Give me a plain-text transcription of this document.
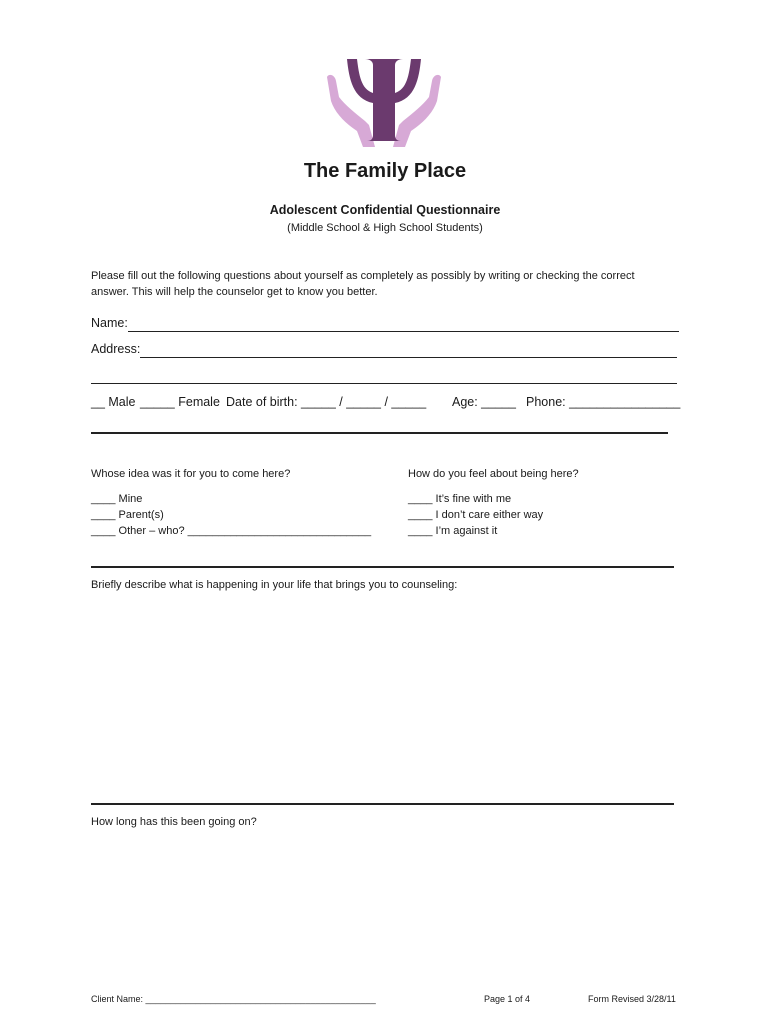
The Family Place
Adolescent Confidential Questionnaire
(Middle School & High School Students)
Please fill out the following questions about yourself as completely as possibly by writing or checking the correct
answer. This will help the counselor get to know you better.
Name:
Address:
__ Male _____ Female Date of birth: _____ / _____ / _____ Age: _____ Phone: ________________
Whose idea was it for you to come here?
____ Mine
____ Parent(s)
____ Other – who? ______________________________
How do you feel about being here?
____ It’s fine with me
____ I don’t care either way
____ I’m against it
Briefly describe what is happening in your life that brings you to counseling:
How long has this been going on?
Client Name: ______________________________________________	Page 1 of 4	Form Revised 3/28/11
